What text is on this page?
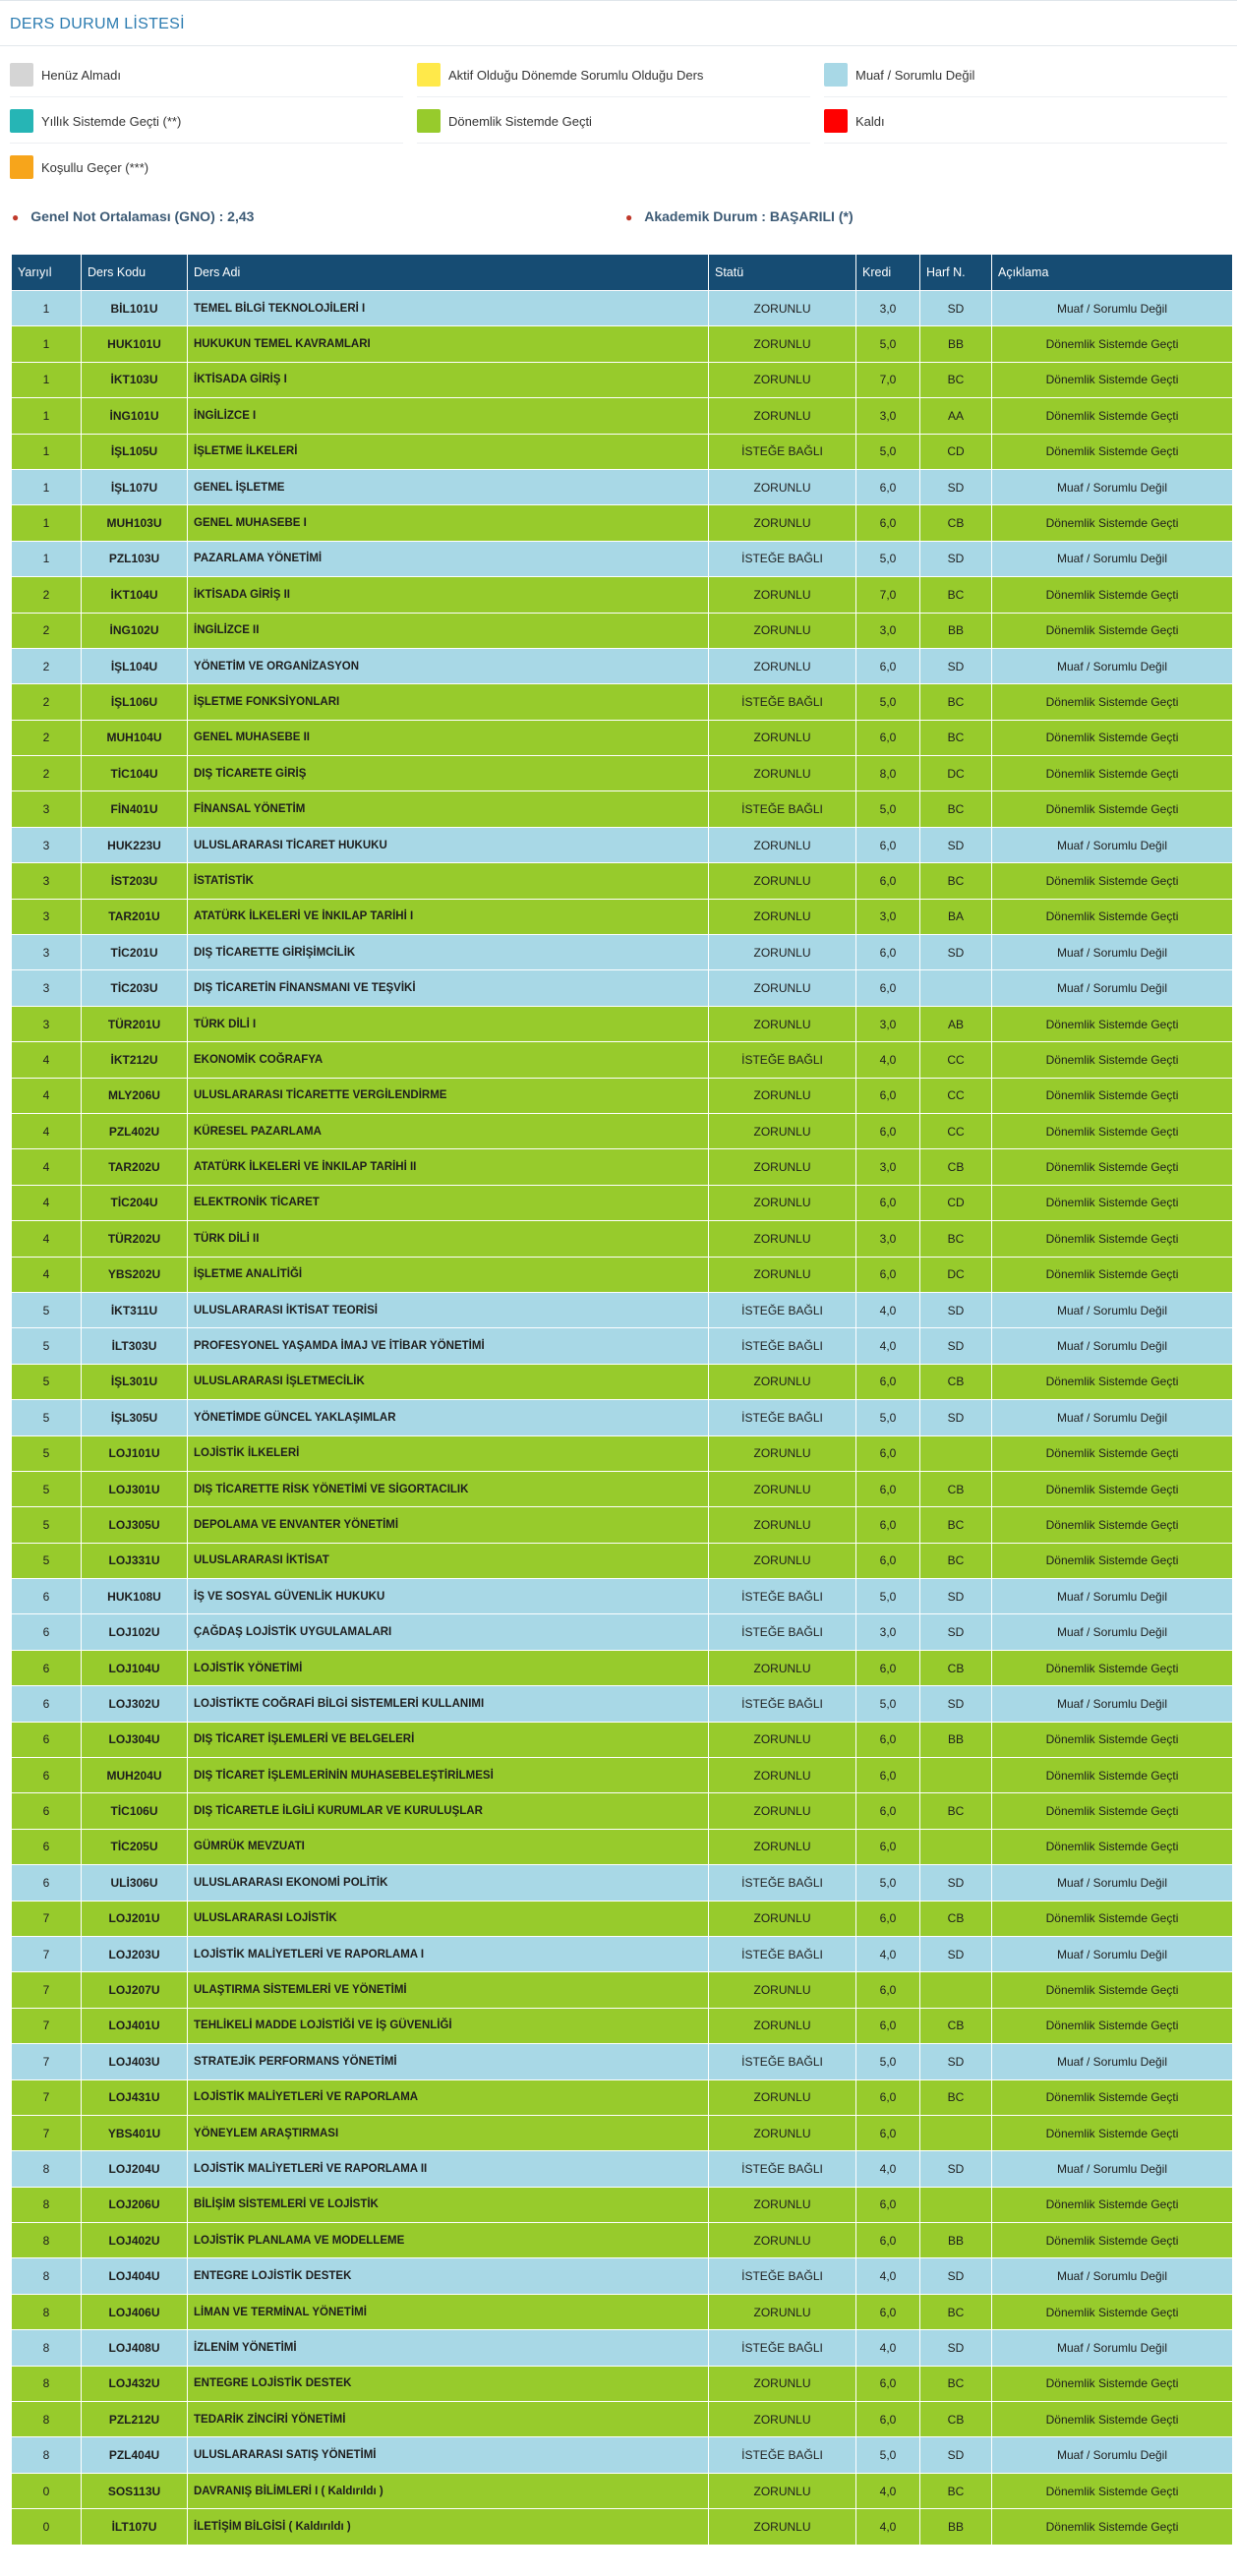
DERS DURUM LİSTESİ
Henüz Almadı	Aktif Olduğu Dönemde Sorumlu Olduğu Ders	Muaf / Sorumlu Değil
Yıllık Sistemde Geçti (**)	Dönemlik Sistemde Geçti	Kaldı
Koşullu Geçer (***)
● Genel Not Ortalaması (GNO) : 2,43	● Akademik Durum : BAŞARILI (*)
Yarıyıl	Ders Kodu	Ders Adi	Statü	Kredi	Harf N.	Açıklama
1	BİL101U	TEMEL BİLGİ TEKNOLOJİLERİ I	ZORUNLU	3,0	SD	Muaf / Sorumlu Değil
1	HUK101U	HUKUKUN TEMEL KAVRAMLARI	ZORUNLU	5,0	BB	Dönemlik Sistemde Geçti
1	İKT103U	İKTİSADA GİRİŞ I	ZORUNLU	7,0	BC	Dönemlik Sistemde Geçti
1	İNG101U	İNGİLİZCE I	ZORUNLU	3,0	AA	Dönemlik Sistemde Geçti
1	İŞL105U	İŞLETME İLKELERİ	İSTEĞE BAĞLI	5,0	CD	Dönemlik Sistemde Geçti
1	İŞL107U	GENEL İŞLETME	ZORUNLU	6,0	SD	Muaf / Sorumlu Değil
1	MUH103U	GENEL MUHASEBE I	ZORUNLU	6,0	CB	Dönemlik Sistemde Geçti
1	PZL103U	PAZARLAMA YÖNETİMİ	İSTEĞE BAĞLI	5,0	SD	Muaf / Sorumlu Değil
2	İKT104U	İKTİSADA GİRİŞ II	ZORUNLU	7,0	BC	Dönemlik Sistemde Geçti
2	İNG102U	İNGİLİZCE II	ZORUNLU	3,0	BB	Dönemlik Sistemde Geçti
2	İŞL104U	YÖNETİM VE ORGANİZASYON	ZORUNLU	6,0	SD	Muaf / Sorumlu Değil
2	İŞL106U	İŞLETME FONKSİYONLARI	İSTEĞE BAĞLI	5,0	BC	Dönemlik Sistemde Geçti
2	MUH104U	GENEL MUHASEBE II	ZORUNLU	6,0	BC	Dönemlik Sistemde Geçti
2	TİC104U	DIŞ TİCARETE GİRİŞ	ZORUNLU	8,0	DC	Dönemlik Sistemde Geçti
3	FİN401U	FİNANSAL YÖNETİM	İSTEĞE BAĞLI	5,0	BC	Dönemlik Sistemde Geçti
3	HUK223U	ULUSLARARASI TİCARET HUKUKU	ZORUNLU	6,0	SD	Muaf / Sorumlu Değil
3	İST203U	İSTATİSTİK	ZORUNLU	6,0	BC	Dönemlik Sistemde Geçti
3	TAR201U	ATATÜRK İLKELERİ VE İNKILAP TARİHİ I	ZORUNLU	3,0	BA	Dönemlik Sistemde Geçti
3	TİC201U	DIŞ TİCARETTE GİRİŞİMCİLİK	ZORUNLU	6,0	SD	Muaf / Sorumlu Değil
3	TİC203U	DIŞ TİCARETİN FİNANSMANI VE TEŞVİKİ	ZORUNLU	6,0		Muaf / Sorumlu Değil
3	TÜR201U	TÜRK DİLİ I	ZORUNLU	3,0	AB	Dönemlik Sistemde Geçti
4	İKT212U	EKONOMİK COĞRAFYA	İSTEĞE BAĞLI	4,0	CC	Dönemlik Sistemde Geçti
4	MLY206U	ULUSLARARASI TİCARETTE VERGİLENDİRME	ZORUNLU	6,0	CC	Dönemlik Sistemde Geçti
4	PZL402U	KÜRESEL PAZARLAMA	ZORUNLU	6,0	CC	Dönemlik Sistemde Geçti
4	TAR202U	ATATÜRK İLKELERİ VE İNKILAP TARİHİ II	ZORUNLU	3,0	CB	Dönemlik Sistemde Geçti
4	TİC204U	ELEKTRONİK TİCARET	ZORUNLU	6,0	CD	Dönemlik Sistemde Geçti
4	TÜR202U	TÜRK DİLİ II	ZORUNLU	3,0	BC	Dönemlik Sistemde Geçti
4	YBS202U	İŞLETME ANALİTİĞİ	ZORUNLU	6,0	DC	Dönemlik Sistemde Geçti
5	İKT311U	ULUSLARARASI İKTİSAT TEORİSİ	İSTEĞE BAĞLI	4,0	SD	Muaf / Sorumlu Değil
5	İLT303U	PROFESYONEL YAŞAMDA İMAJ VE İTİBAR YÖNETİMİ	İSTEĞE BAĞLI	4,0	SD	Muaf / Sorumlu Değil
5	İŞL301U	ULUSLARARASI İŞLETMECİLİK	ZORUNLU	6,0	CB	Dönemlik Sistemde Geçti
5	İŞL305U	YÖNETİMDE GÜNCEL YAKLAŞIMLAR	İSTEĞE BAĞLI	5,0	SD	Muaf / Sorumlu Değil
5	LOJ101U	LOJİSTİK İLKELERİ	ZORUNLU	6,0		Dönemlik Sistemde Geçti
5	LOJ301U	DIŞ TİCARETTE RİSK YÖNETİMİ VE SİGORTACILIK	ZORUNLU	6,0	CB	Dönemlik Sistemde Geçti
5	LOJ305U	DEPOLAMA VE ENVANTER YÖNETİMİ	ZORUNLU	6,0	BC	Dönemlik Sistemde Geçti
5	LOJ331U	ULUSLARARASI İKTİSAT	ZORUNLU	6,0	BC	Dönemlik Sistemde Geçti
6	HUK108U	İŞ VE SOSYAL GÜVENLİK HUKUKU	İSTEĞE BAĞLI	5,0	SD	Muaf / Sorumlu Değil
6	LOJ102U	ÇAĞDAŞ LOJİSTİK UYGULAMALARI	İSTEĞE BAĞLI	3,0	SD	Muaf / Sorumlu Değil
6	LOJ104U	LOJİSTİK YÖNETİMİ	ZORUNLU	6,0	CB	Dönemlik Sistemde Geçti
6	LOJ302U	LOJİSTİKTE COĞRAFİ BİLGİ SİSTEMLERİ KULLANIMI	İSTEĞE BAĞLI	5,0	SD	Muaf / Sorumlu Değil
6	LOJ304U	DIŞ TİCARET İŞLEMLERİ VE BELGELERİ	ZORUNLU	6,0	BB	Dönemlik Sistemde Geçti
6	MUH204U	DIŞ TİCARET İŞLEMLERİNİN MUHASEBELEŞTİRİLMESİ	ZORUNLU	6,0		Dönemlik Sistemde Geçti
6	TİC106U	DIŞ TİCARETLE İLGİLİ KURUMLAR VE KURULUŞLAR	ZORUNLU	6,0	BC	Dönemlik Sistemde Geçti
6	TİC205U	GÜMRÜK MEVZUATI	ZORUNLU	6,0		Dönemlik Sistemde Geçti
6	ULİ306U	ULUSLARARASI EKONOMİ POLİTİK	İSTEĞE BAĞLI	5,0	SD	Muaf / Sorumlu Değil
7	LOJ201U	ULUSLARARASI LOJİSTİK	ZORUNLU	6,0	CB	Dönemlik Sistemde Geçti
7	LOJ203U	LOJİSTİK MALİYETLERİ VE RAPORLAMA I	İSTEĞE BAĞLI	4,0	SD	Muaf / Sorumlu Değil
7	LOJ207U	ULAŞTIRMA SİSTEMLERİ VE YÖNETİMİ	ZORUNLU	6,0		Dönemlik Sistemde Geçti
7	LOJ401U	TEHLİKELİ MADDE LOJİSTİĞİ VE İŞ GÜVENLİĞİ	ZORUNLU	6,0	CB	Dönemlik Sistemde Geçti
7	LOJ403U	STRATEJİK PERFORMANS YÖNETİMİ	İSTEĞE BAĞLI	5,0	SD	Muaf / Sorumlu Değil
7	LOJ431U	LOJİSTİK MALİYETLERİ VE RAPORLAMA	ZORUNLU	6,0	BC	Dönemlik Sistemde Geçti
7	YBS401U	YÖNEYLEM ARAŞTIRMASI	ZORUNLU	6,0		Dönemlik Sistemde Geçti
8	LOJ204U	LOJİSTİK MALİYETLERİ VE RAPORLAMA II	İSTEĞE BAĞLI	4,0	SD	Muaf / Sorumlu Değil
8	LOJ206U	BİLİŞİM SİSTEMLERİ VE LOJİSTİK	ZORUNLU	6,0		Dönemlik Sistemde Geçti
8	LOJ402U	LOJİSTİK PLANLAMA VE MODELLEME	ZORUNLU	6,0	BB	Dönemlik Sistemde Geçti
8	LOJ404U	ENTEGRE LOJİSTİK DESTEK	İSTEĞE BAĞLI	4,0	SD	Muaf / Sorumlu Değil
8	LOJ406U	LİMAN VE TERMİNAL YÖNETİMİ	ZORUNLU	6,0	BC	Dönemlik Sistemde Geçti
8	LOJ408U	İZLENİM YÖNETİMİ	İSTEĞE BAĞLI	4,0	SD	Muaf / Sorumlu Değil
8	LOJ432U	ENTEGRE LOJİSTİK DESTEK	ZORUNLU	6,0	BC	Dönemlik Sistemde Geçti
8	PZL212U	TEDARİK ZİNCİRİ YÖNETİMİ	ZORUNLU	6,0	CB	Dönemlik Sistemde Geçti
8	PZL404U	ULUSLARARASI SATIŞ YÖNETİMİ	İSTEĞE BAĞLI	5,0	SD	Muaf / Sorumlu Değil
0	SOS113U	DAVRANIŞ BİLİMLERİ I ( Kaldırıldı )	ZORUNLU	4,0	BC	Dönemlik Sistemde Geçti
0	İLT107U	İLETİŞİM BİLGİSİ ( Kaldırıldı )	ZORUNLU	4,0	BB	Dönemlik Sistemde Geçti
